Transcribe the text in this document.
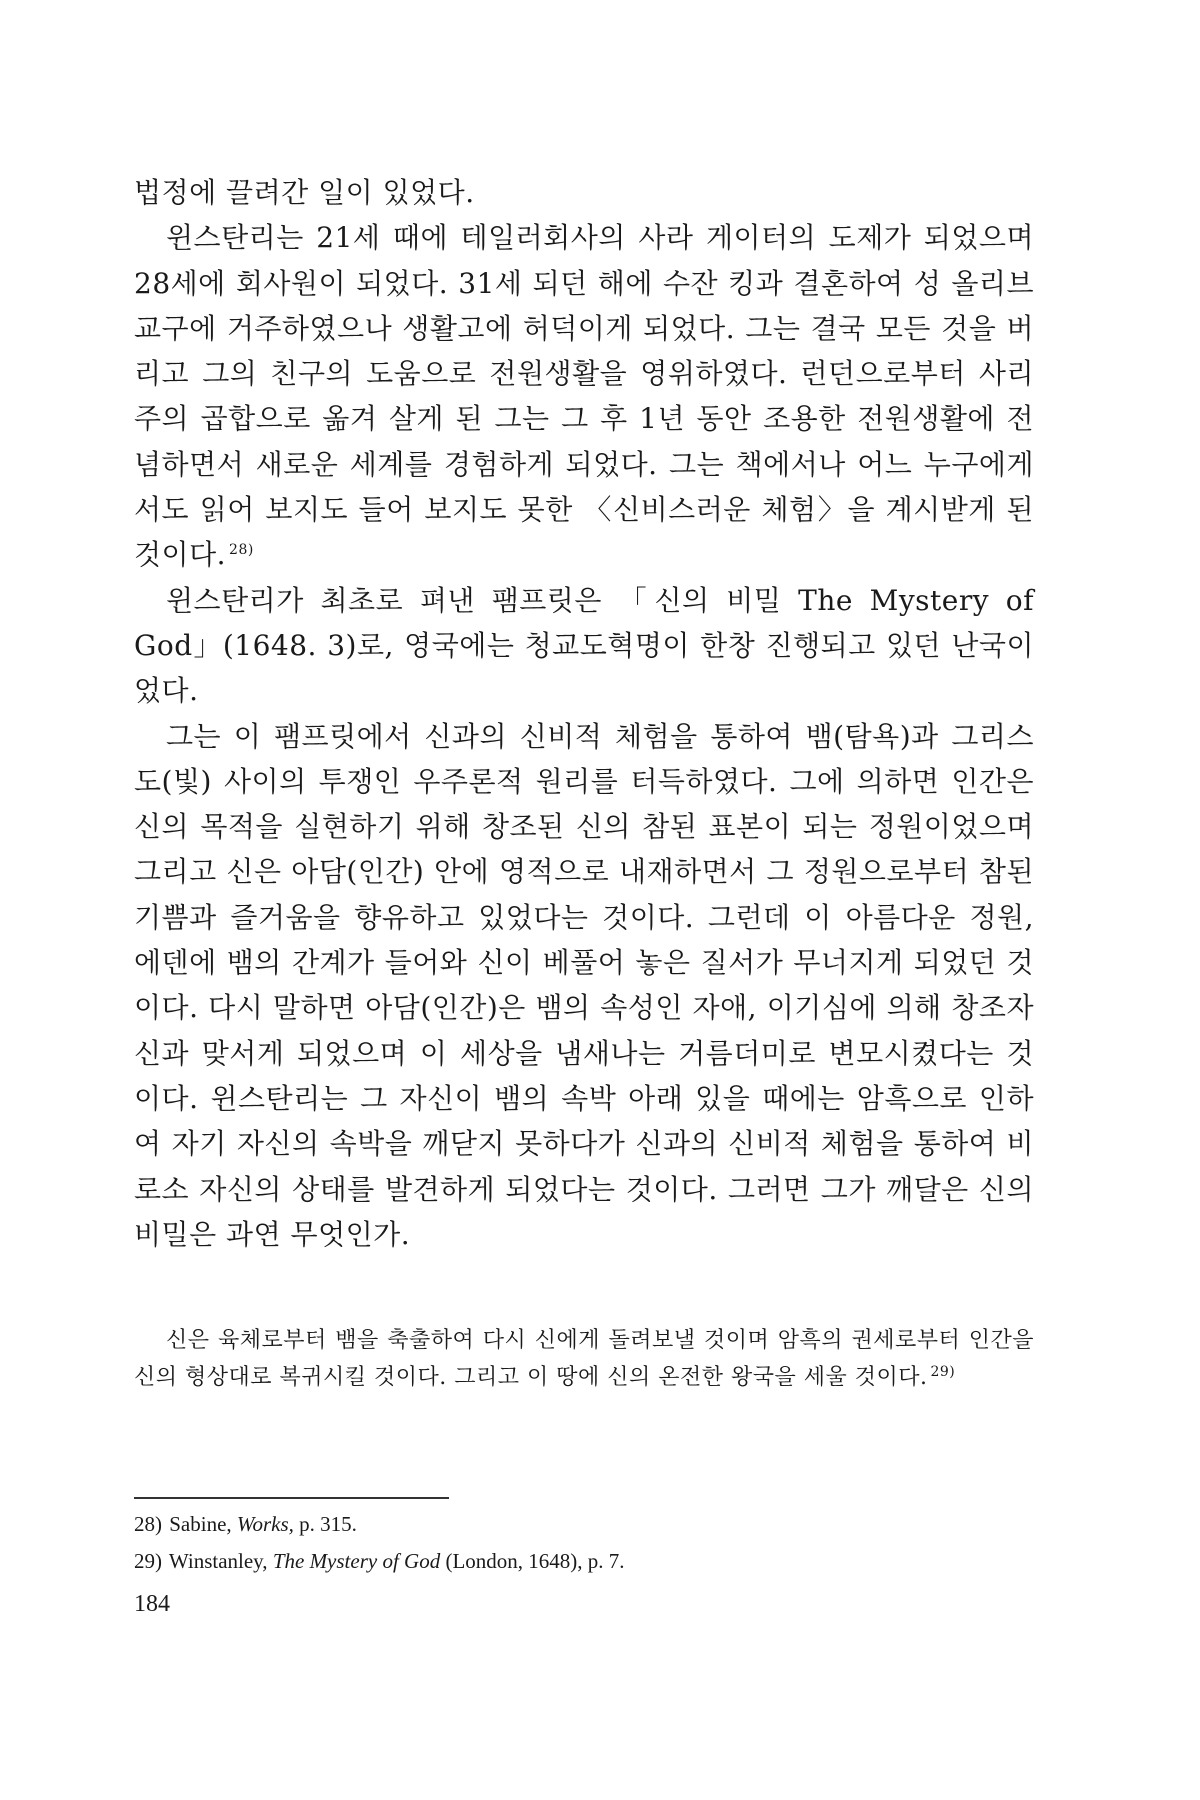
법정에 끌려간 일이 있었다.

윈스탄리는 21세 때에 테일러회사의 사라 게이터의 도제가 되었으며 28세에 회사원이 되었다. 31세 되던 해에 수잔 킹과 결혼하여 성 올리브 교구에 거주하였으나 생활고에 허덕이게 되었다. 그는 결국 모든 것을 버리고 그의 친구의 도움으로 전원생활을 영위하였다. 런던으로부터 사리주의 곱합으로 옮겨 살게 된 그는 그 후 1년 동안 조용한 전원생활에 전념하면서 새로운 세계를 경험하게 되었다. 그는 책에서나 어느 누구에게서도 읽어 보지도 들어 보지도 못한 〈신비스러운 체험〉을 계시받게 된 것이다. $^{28)}$

윈스탄리가 최초로 펴낸 팸프릿은 「신의 비밀 The Mystery of God」(1648. 3)로, 영국에는 청교도혁명이 한창 진행되고 있던 난국이었다.

그는 이 팸프릿에서 신과의 신비적 체험을 통하여 뱀(탐욕)과 그리스도(빛) 사이의 투쟁인 우주론적 원리를 터득하였다. 그에 의하면 인간은 신의 목적을 실현하기 위해 창조된 신의 참된 표본이 되는 정원이었으며 그리고 신은 아담(인간) 안에 영적으로 내재하면서 그 정원으로부터 참된 기쁨과 즐거움을 향유하고 있었다는 것이다. 그런데 이 아름다운 정원, 에덴에 뱀의 간계가 들어와 신이 베풀어 놓은 질서가 무너지게 되었던 것이다. 다시 말하면 아담(인간)은 뱀의 속성인 자애, 이기심에 의해 창조자 신과 맞서게 되었으며 이 세상을 냄새나는 거름더미로 변모시켰다는 것이다. 윈스탄리는 그 자신이 뱀의 속박 아래 있을 때에는 암흑으로 인하여 자기 자신의 속박을 깨닫지 못하다가 신과의 신비적 체험을 통하여 비로소 자신의 상태를 발견하게 되었다는 것이다. 그러면 그가 깨달은 신의 비밀은 과연 무엇인가.

신은 육체로부터 뱀을 축출하여 다시 신에게 돌려보낼 것이며 암흑의 권세로부터 인간을 신의 형상대로 복귀시킬 것이다. 그리고 이 땅에 신의 온전한 왕국을 세울 것이다. $^{29)}$

28) Sabine, Works, p. 315.

29) Winstanley, The Mystery of God (London, 1648), p. 7.

184
